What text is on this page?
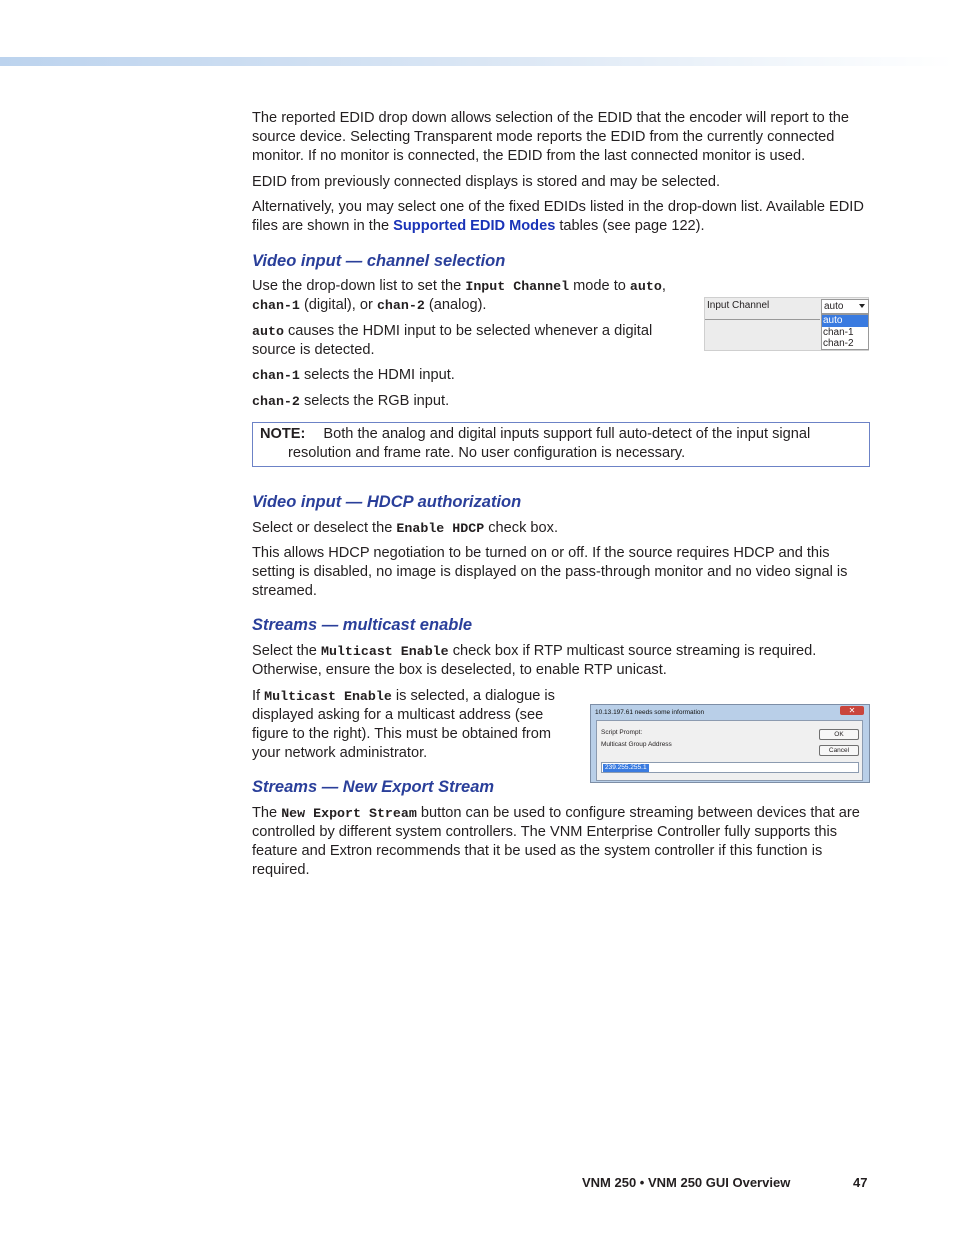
The reported EDID drop down allows selection of the EDID that the encoder will report to the source device. Selecting Transparent mode reports the EDID from the currently connected monitor. If no monitor is connected, the EDID from the last connected monitor is used.

EDID from previously connected displays is stored and may be selected.

Alternatively, you may select one of the fixed EDIDs listed in the drop-down list. Available EDID files are shown in the Supported EDID Modes tables (see page 122).

Video input — channel selection

Use the drop-down list to set the Input Channel mode to auto, chan-1 (digital), or chan-2 (analog).

auto causes the HDMI input to be selected whenever a digital source is detected.

chan-1 selects the HDMI input.

chan-2 selects the RGB input.

NOTE: Both the analog and digital inputs support full auto-detect of the input signal resolution and frame rate. No user configuration is necessary.

Video input — HDCP authorization

Select or deselect the Enable HDCP check box.

This allows HDCP negotiation to be turned on or off. If the source requires HDCP and this setting is disabled, no image is displayed on the pass-through monitor and no video signal is streamed.

Streams — multicast enable

Select the Multicast Enable check box if RTP multicast source streaming is required. Otherwise, ensure the box is deselected, to enable RTP unicast.

If Multicast Enable is selected, a dialogue is displayed asking for a multicast address (see figure to the right). This must be obtained from your network administrator.

Streams — New Export Stream

The New Export Stream button can be used to configure streaming between devices that are controlled by different system controllers. The VNM Enterprise Controller fully supports this feature and Extron recommends that it be used as the system controller if this function is required.

Input Channel	auto
auto
chan-1
chan-2
10.13.197.61 needs some information	✕
Script Prompt:
Multicast Group Address
OK
Cancel
239.255.255.1
VNM 250 • VNM 250 GUI Overview	47
